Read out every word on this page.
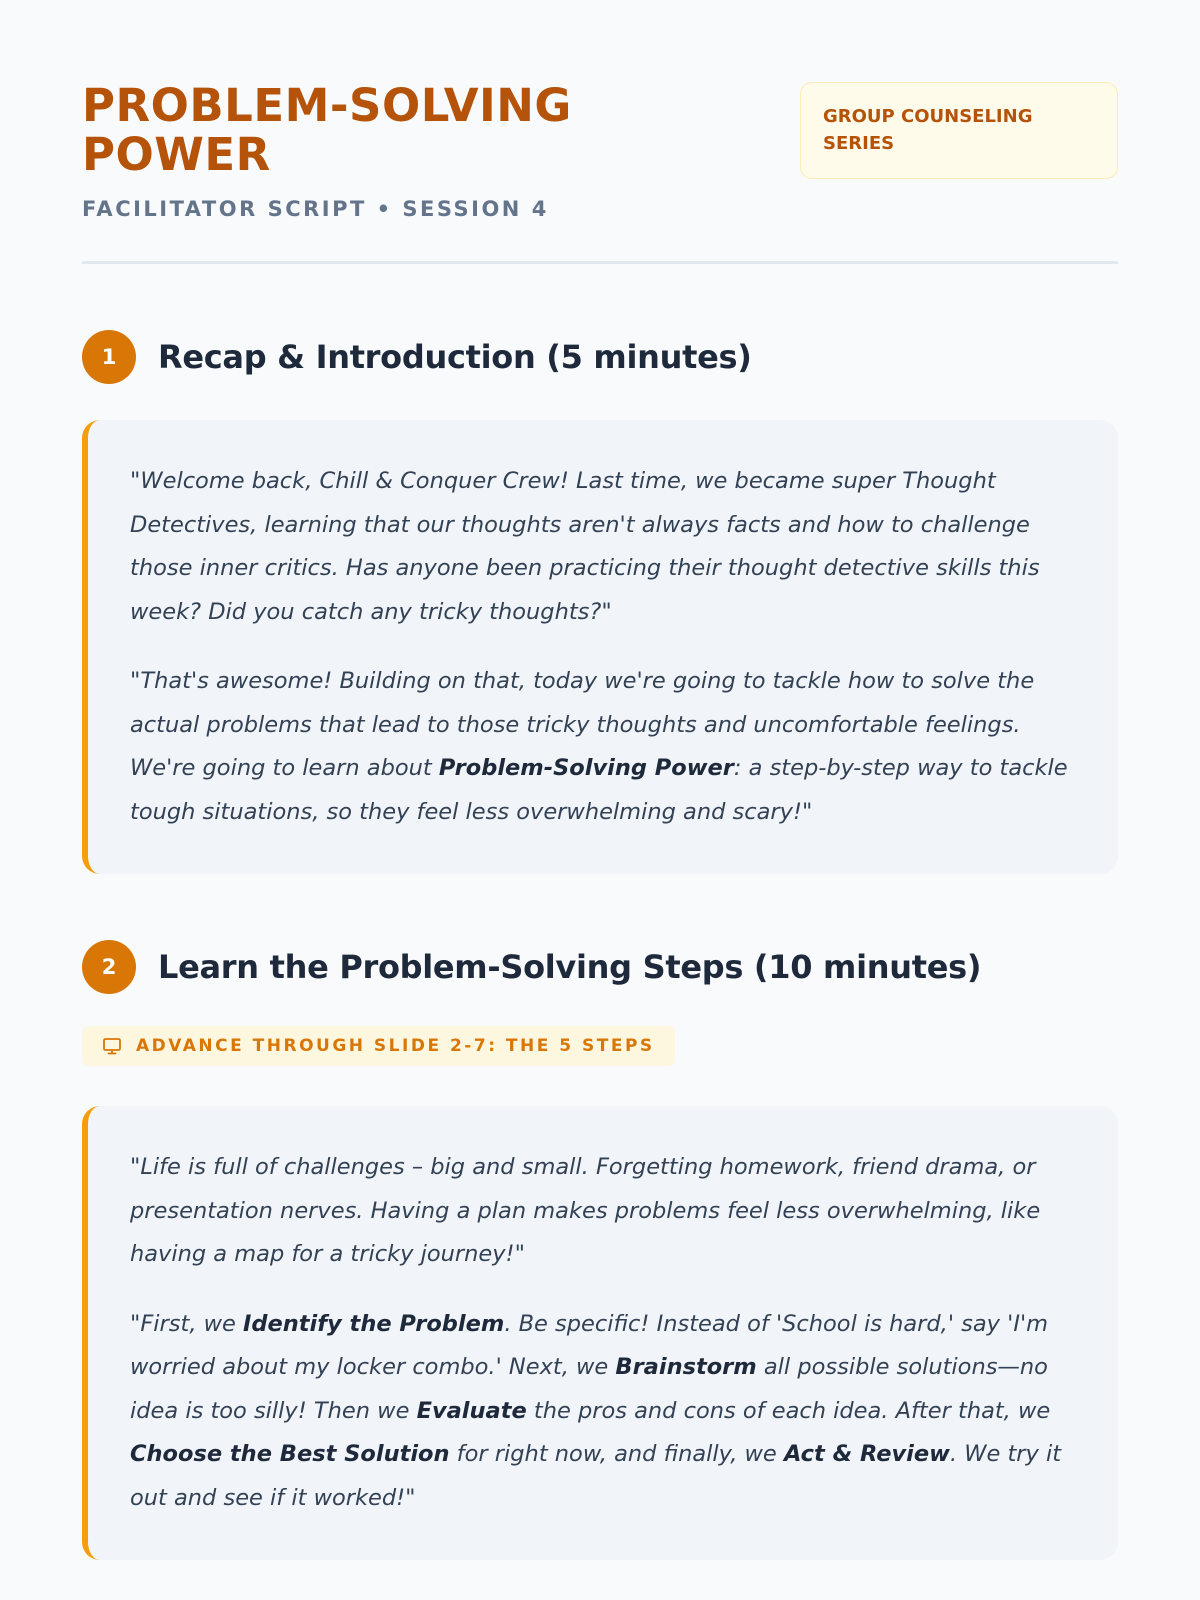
PROBLEM-SOLVING
POWER
FACILITATOR SCRIPT • SESSION 4
GROUP COUNSELING
SERIES
1	Recap & Introduction (5 minutes)

"Welcome back, Chill & Conquer Crew! Last time, we became super Thought Detectives, learning that our thoughts aren't always facts and how to challenge those inner critics. Has anyone been practicing their thought detective skills this week? Did you catch any tricky thoughts?"

"That's awesome! Building on that, today we're going to tackle how to solve the actual problems that lead to those tricky thoughts and uncomfortable feelings. We're going to learn about Problem-Solving Power: a step-by-step way to tackle tough situations, so they feel less overwhelming and scary!"

2	Learn the Problem-Solving Steps (10 minutes)
ADVANCE THROUGH SLIDE 2-7: THE 5 STEPS

"Life is full of challenges – big and small. Forgetting homework, friend drama, or presentation nerves. Having a plan makes problems feel less overwhelming, like having a map for a tricky journey!"

"First, we Identify the Problem. Be specific! Instead of 'School is hard,' say 'I'm worried about my locker combo.' Next, we Brainstorm all possible solutions—no idea is too silly! Then we Evaluate the pros and cons of each idea. After that, we Choose the Best Solution for right now, and finally, we Act & Review. We try it out and see if it worked!"
